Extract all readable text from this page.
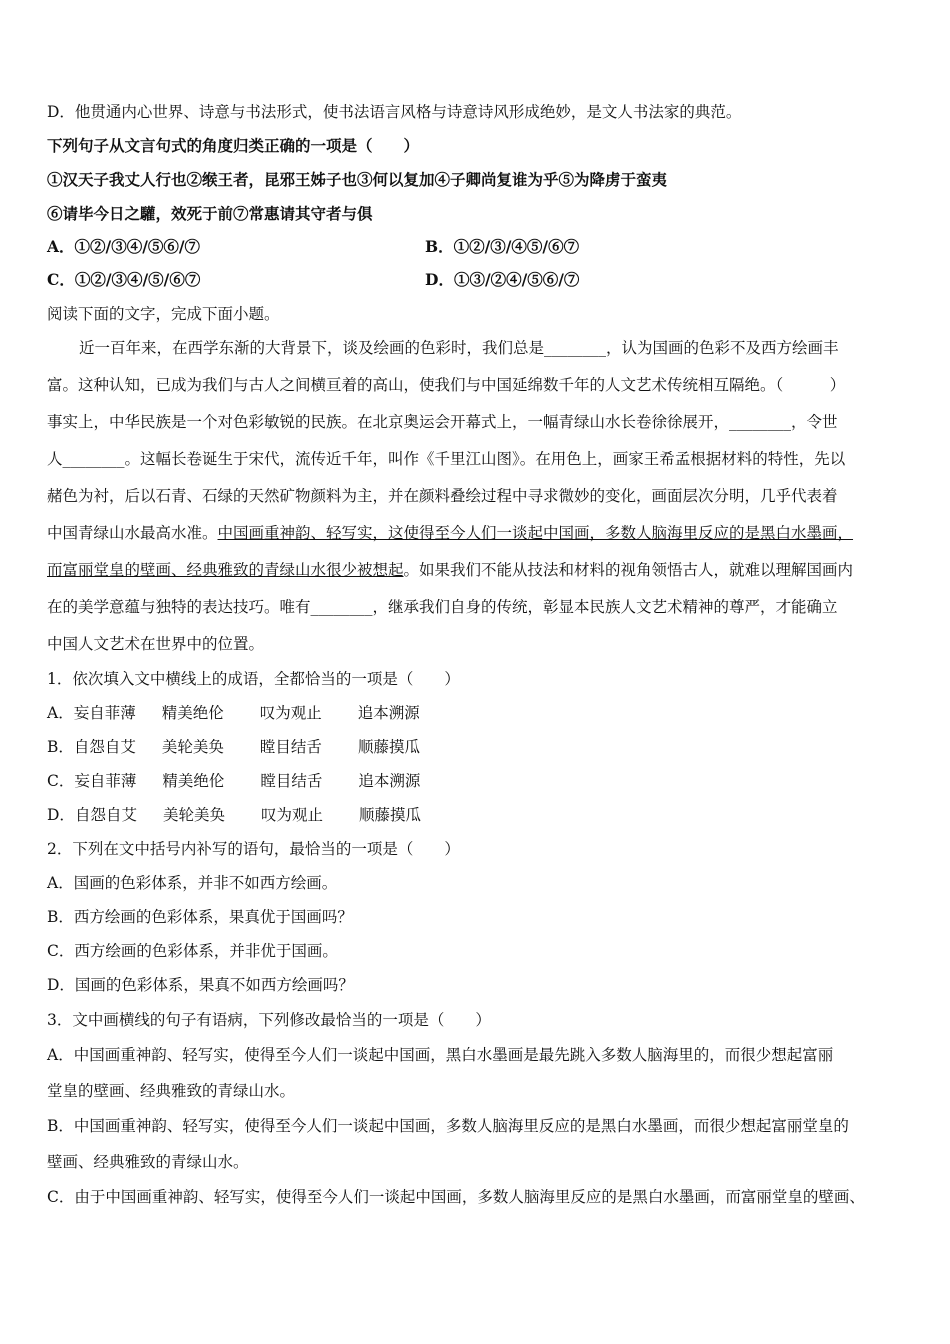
D．他贯通内心世界、诗意与书法形式，使书法语言风格与诗意诗风形成绝妙，是文人书法家的典范。
下列句子从文言句式的角度归类正确的一项是（　　）
①汉天子我丈人行也②缑王者，昆邪王姊子也③何以复加④子卿尚复谁为乎⑤为降虏于蛮夷
⑥请毕今日之驩，效死于前⑦常惠请其守者与俱
A．①②/③④/⑤⑥/⑦	B．①②/③/④⑤/⑥⑦
C．①②/③④/⑤/⑥⑦	D．①③/②④/⑤⑥/⑦
阅读下面的文字，完成下面小题。
近一百年来，在西学东渐的大背景下，谈及绘画的色彩时，我们总是________，认为国画的色彩不及西方绘画丰
富。这种认知，已成为我们与古人之间横亘着的高山，使我们与中国延绵数千年的人文艺术传统相互隔绝。（　　　）
事实上，中华民族是一个对色彩敏锐的民族。在北京奥运会开幕式上，一幅青绿山水长卷徐徐展开，________，令世
人________。这幅长卷诞生于宋代，流传近千年，叫作《千里江山图》。在用色上，画家王希孟根据材料的特性，先以
赭色为衬，后以石青、石绿的天然矿物颜料为主，并在颜料叠绘过程中寻求微妙的变化，画面层次分明，几乎代表着
中国青绿山水最高水准。中国画重神韵、轻写实，这使得至今人们一谈起中国画，多数人脑海里反应的是黑白水墨画，
而富丽堂皇的壁画、经典雅致的青绿山水很少被想起。如果我们不能从技法和材料的视角领悟古人，就难以理解国画内
在的美学意蕴与独特的表达技巧。唯有________，继承我们自身的传统，彰显本民族人文艺术精神的尊严，才能确立
中国人文艺术在世界中的位置。
1．依次填入文中横线上的成语，全都恰当的一项是（　　）
A．妄自菲薄 精美绝伦 叹为观止 追本溯源
B．自怨自艾 美轮美奂 瞠目结舌 顺藤摸瓜
C．妄自菲薄 精美绝伦 瞠目结舌 追本溯源
D．自怨自艾 美轮美奂 叹为观止 顺藤摸瓜
2．下列在文中括号内补写的语句，最恰当的一项是（　　）
A．国画的色彩体系，并非不如西方绘画。
B．西方绘画的色彩体系，果真优于国画吗？
C．西方绘画的色彩体系，并非优于国画。
D．国画的色彩体系，果真不如西方绘画吗？
3．文中画横线的句子有语病，下列修改最恰当的一项是（　　）
A．中国画重神韵、轻写实，使得至今人们一谈起中国画，黑白水墨画是最先跳入多数人脑海里的，而很少想起富丽
堂皇的壁画、经典雅致的青绿山水。
B．中国画重神韵、轻写实，使得至今人们一谈起中国画，多数人脑海里反应的是黑白水墨画，而很少想起富丽堂皇的
壁画、经典雅致的青绿山水。
C．由于中国画重神韵、轻写实，使得至今人们一谈起中国画，多数人脑海里反应的是黑白水墨画，而富丽堂皇的壁画、
